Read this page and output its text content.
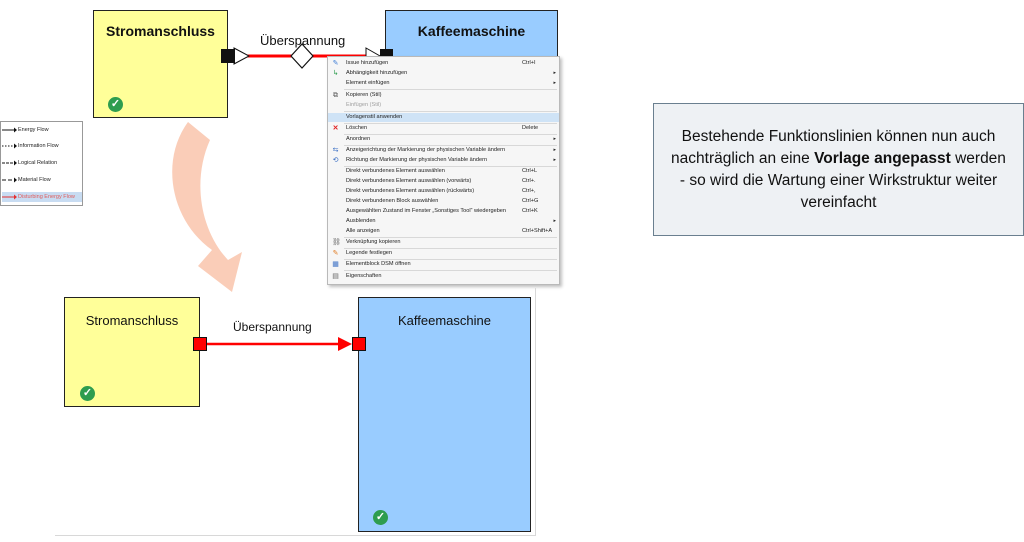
Energy Flow
Information Flow
Logical Relation
Material Flow
Disturbing Energy Flow
Stromanschluss
✓
Kaffeemaschine
Überspannung
✎ Issue hinzufügen	Ctrl+I
↳ Abhängigkeit hinzufügen	▸
Element einfügen	▸
⧉ Kopieren (Stil)
Einfügen (Stil)
Vorlagenstil anwenden
✕ Löschen	Delete
Anordnen	▸
⇆ Anzeigerichtung der Markierung der physischen Variable ändern	▸
⟲ Richtung der Markierung der physischen Variable ändern	▸
Direkt verbundenes Element auswählen	Ctrl+L
Direkt verbundenes Element auswählen (vorwärts)	Ctrl+.
Direkt verbundenes Element auswählen (rückwärts)	Ctrl+,
Direkt verbundenen Block auswählen	Ctrl+G
Ausgewählten Zustand im Fenster „Sonstiges Tool“ wiedergeben	Ctrl+K
Ausblenden	▸
Alle anzeigen	Ctrl+Shift+A
⛓ Verknüpfung kopieren
✎ Legende festlegen
▦ Elementblock DSM öffnen
▤ Eigenschaften
Stromanschluss
✓
Kaffeemaschine
✓
Überspannung
Bestehende Funktionslinien können nun auch nachträglich an eine Vorlage angepasst werden - so wird die Wartung einer Wirkstruktur weiter vereinfacht
